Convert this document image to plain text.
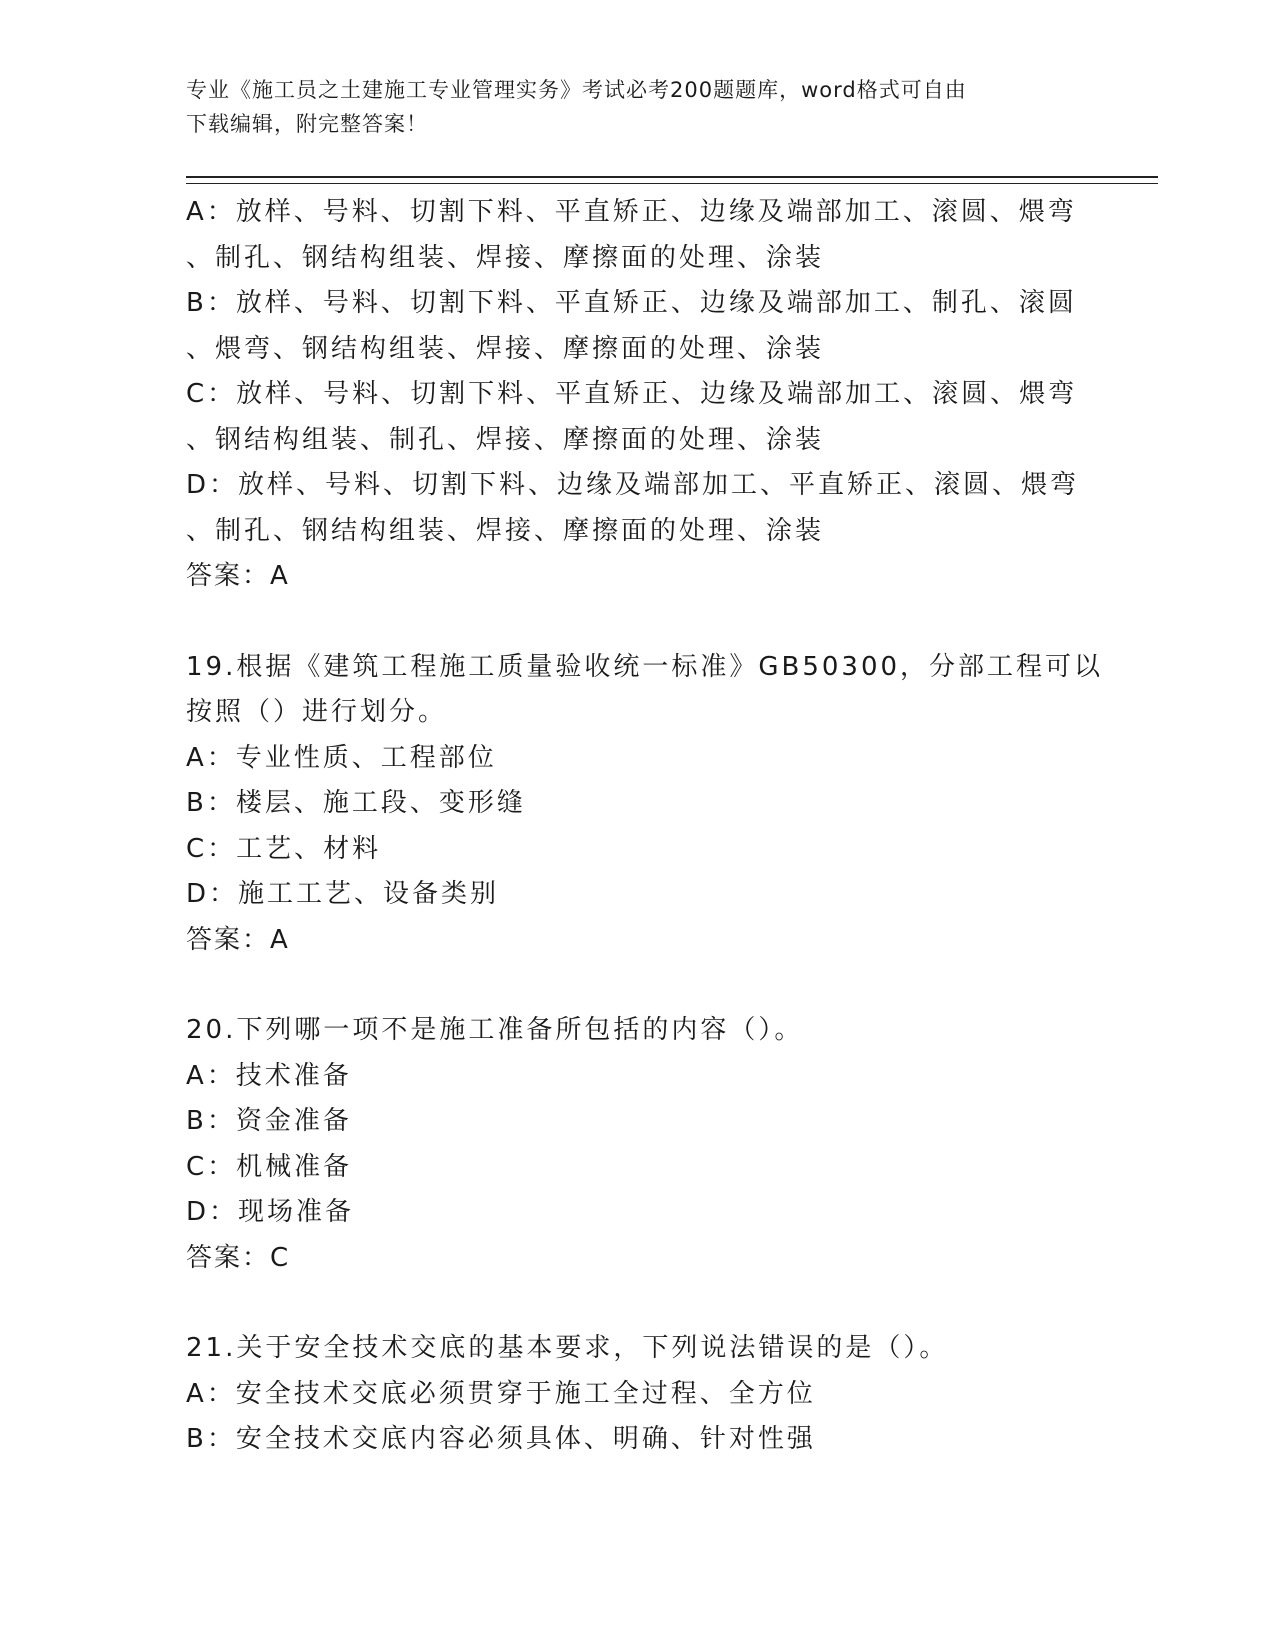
专业《施工员之土建施工专业管理实务》考试必考200题题库，word格式可自由
下载编辑，附完整答案！
A：放样、号料、切割下料、平直矫正、边缘及端部加工、滚圆、煨弯
、制孔、钢结构组装、焊接、摩擦面的处理、涂装
B：放样、号料、切割下料、平直矫正、边缘及端部加工、制孔、滚圆
、煨弯、钢结构组装、焊接、摩擦面的处理、涂装
C：放样、号料、切割下料、平直矫正、边缘及端部加工、滚圆、煨弯
、钢结构组装、制孔、焊接、摩擦面的处理、涂装
D：放样、号料、切割下料、边缘及端部加工、平直矫正、滚圆、煨弯
、制孔、钢结构组装、焊接、摩擦面的处理、涂装
答案：A
19.根据《建筑工程施工质量验收统一标准》GB50300，分部工程可以
按照（）进行划分。
A：专业性质、工程部位
B：楼层、施工段、变形缝
C：工艺、材料
D：施工工艺、设备类别
答案：A
20.下列哪一项不是施工准备所包括的内容（）。
A：技术准备
B：资金准备
C：机械准备
D：现场准备
答案：C
21.关于安全技术交底的基本要求，下列说法错误的是（）。
A：安全技术交底必须贯穿于施工全过程、全方位
B：安全技术交底内容必须具体、明确、针对性强
